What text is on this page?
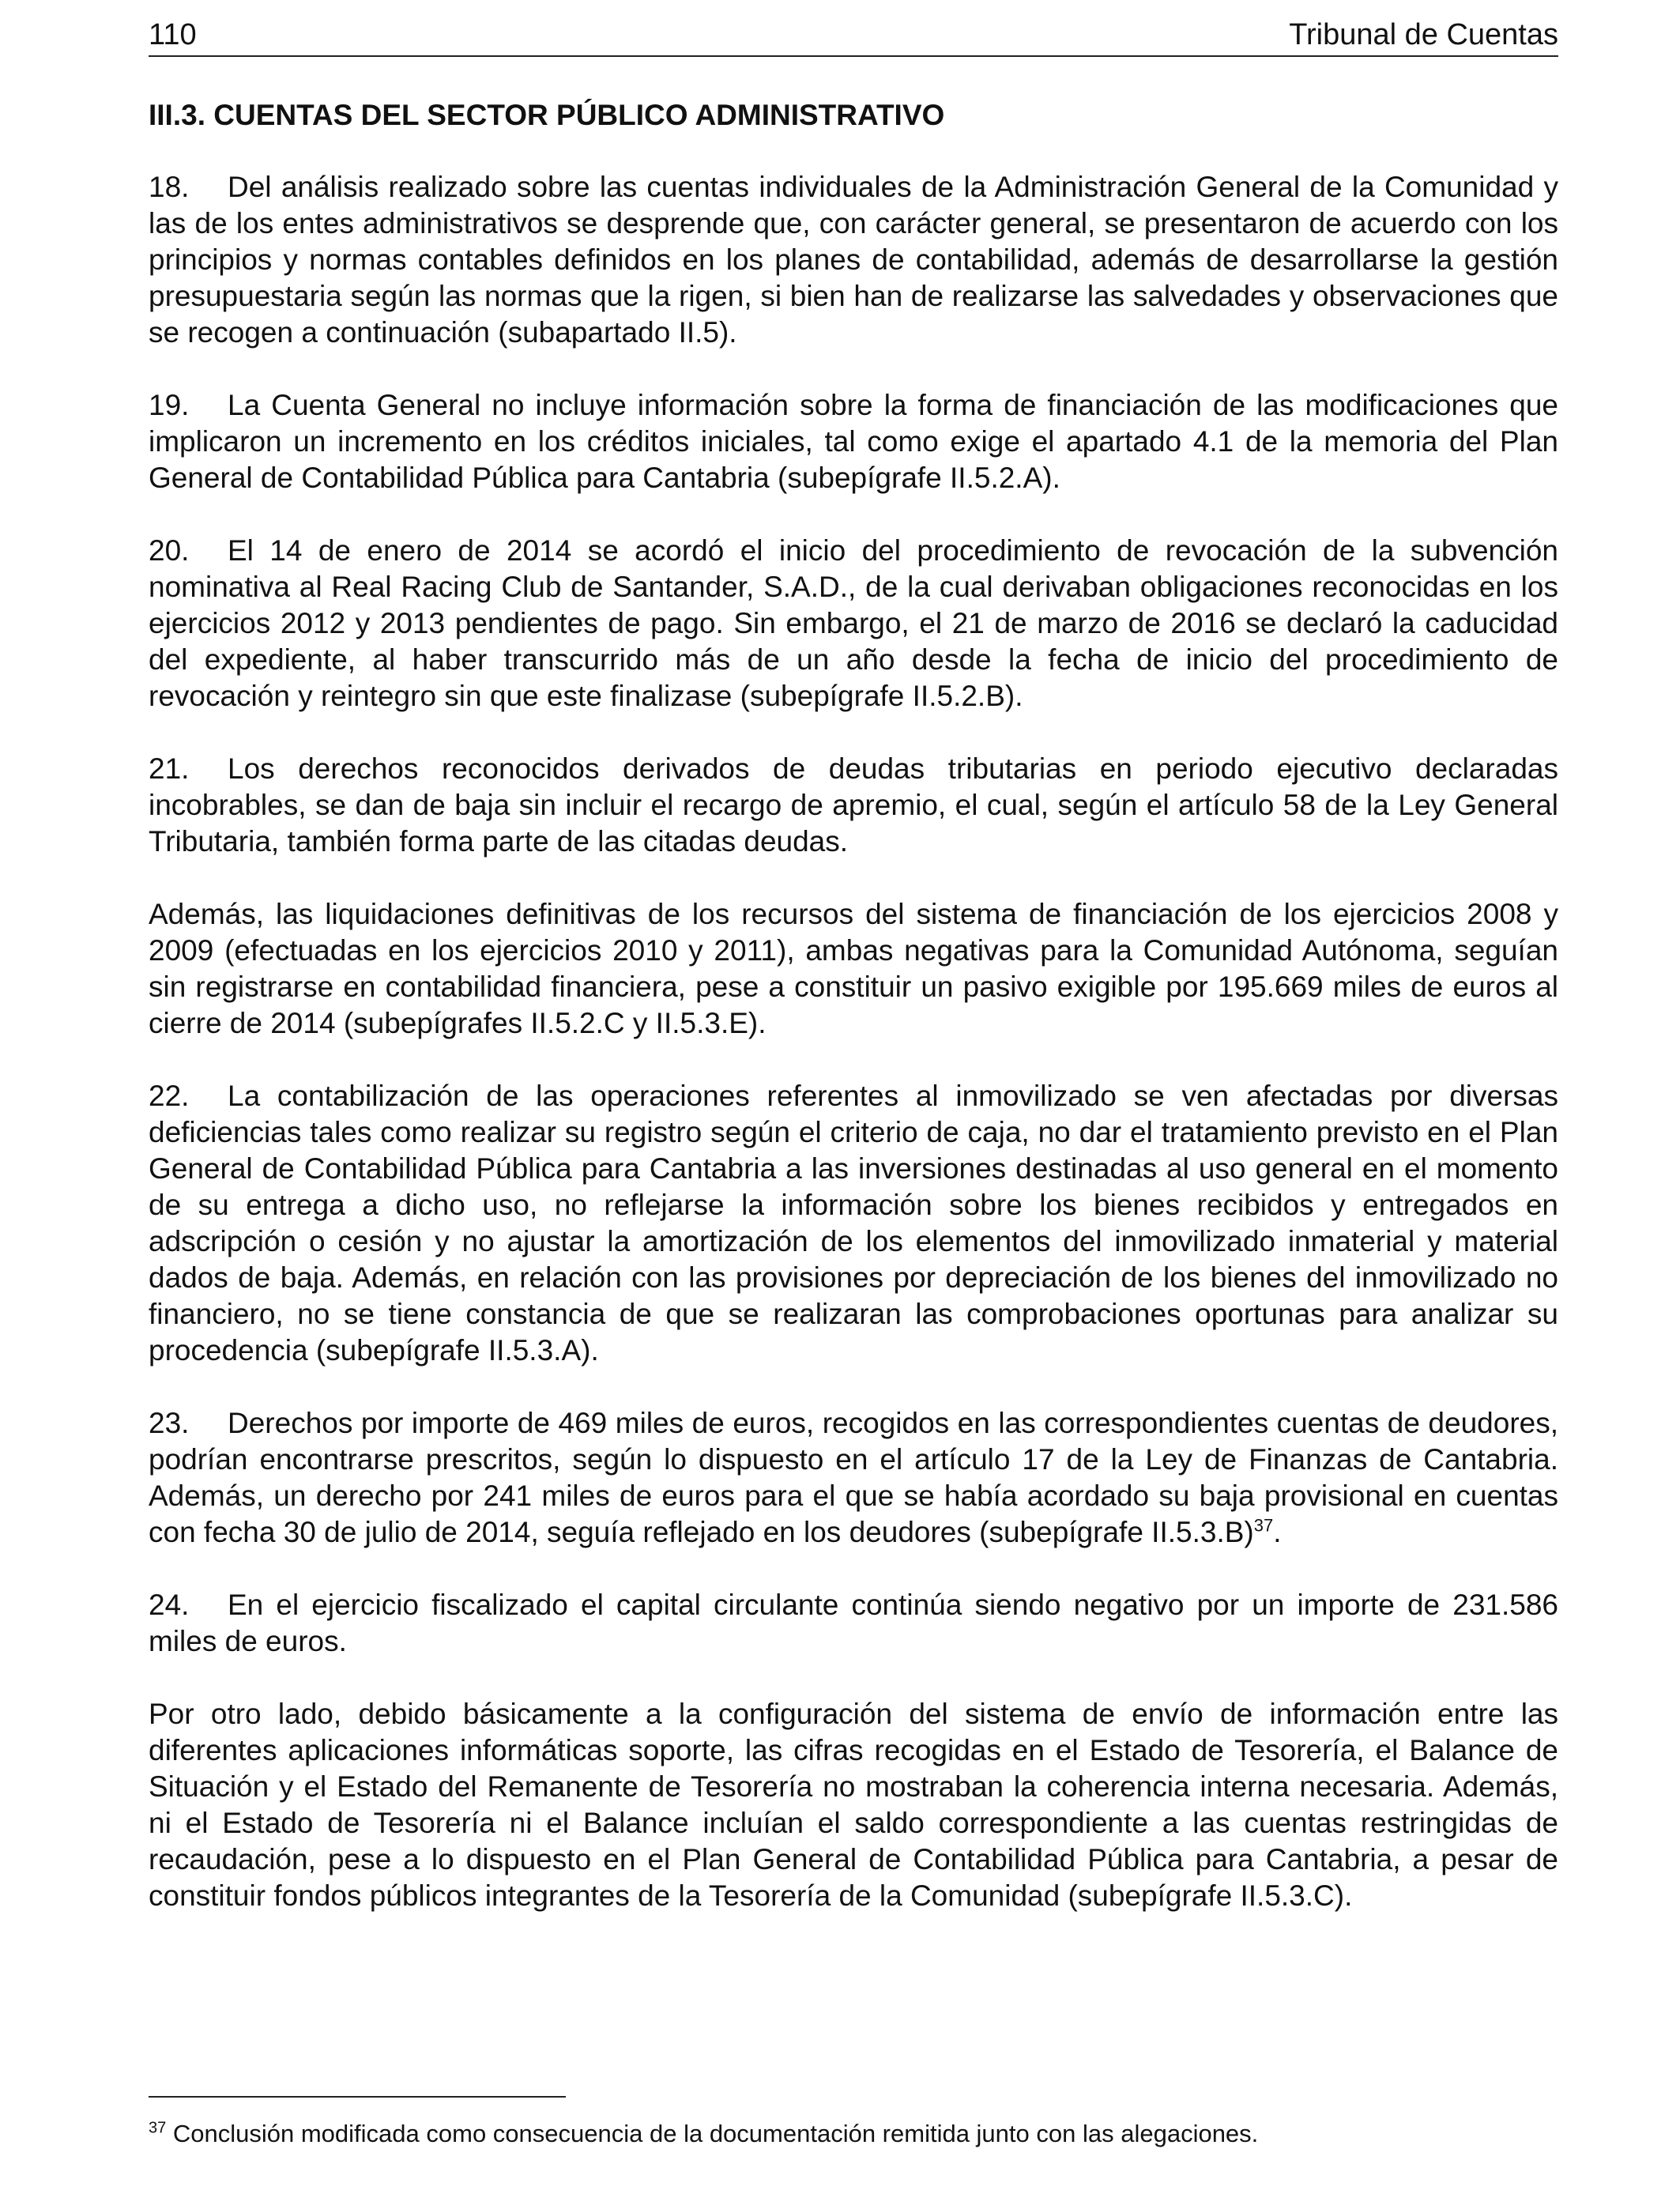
110	Tribunal de Cuentas
III.3. CUENTAS DEL SECTOR PÚBLICO ADMINISTRATIVO

18. Del análisis realizado sobre las cuentas individuales de la Administración General de la Comunidad y las de los entes administrativos se desprende que, con carácter general, se presentaron de acuerdo con los principios y normas contables definidos en los planes de contabilidad, además de desarrollarse la gestión presupuestaria según las normas que la rigen, si bien han de realizarse las salvedades y observaciones que se recogen a continuación (subapartado II.5).

19. La Cuenta General no incluye información sobre la forma de financiación de las modificaciones que implicaron un incremento en los créditos iniciales, tal como exige el apartado 4.1 de la memoria del Plan General de Contabilidad Pública para Cantabria (subepígrafe II.5.2.A).

20. El 14 de enero de 2014 se acordó el inicio del procedimiento de revocación de la subvención nominativa al Real Racing Club de Santander, S.A.D., de la cual derivaban obligaciones reconocidas en los ejercicios 2012 y 2013 pendientes de pago. Sin embargo, el 21 de marzo de 2016 se declaró la caducidad del expediente, al haber transcurrido más de un año desde la fecha de inicio del procedimiento de revocación y reintegro sin que este finalizase (subepígrafe II.5.2.B).

21. Los derechos reconocidos derivados de deudas tributarias en periodo ejecutivo declaradas incobrables, se dan de baja sin incluir el recargo de apremio, el cual, según el artículo 58 de la Ley General Tributaria, también forma parte de las citadas deudas.

Además, las liquidaciones definitivas de los recursos del sistema de financiación de los ejercicios 2008 y 2009 (efectuadas en los ejercicios 2010 y 2011), ambas negativas para la Comunidad Autónoma, seguían sin registrarse en contabilidad financiera, pese a constituir un pasivo exigible por 195.669 miles de euros al cierre de 2014 (subepígrafes II.5.2.C y II.5.3.E).

22. La contabilización de las operaciones referentes al inmovilizado se ven afectadas por diversas deficiencias tales como realizar su registro según el criterio de caja, no dar el tratamiento previsto en el Plan General de Contabilidad Pública para Cantabria a las inversiones destinadas al uso general en el momento de su entrega a dicho uso, no reflejarse la información sobre los bienes recibidos y entregados en adscripción o cesión y no ajustar la amortización de los elementos del inmovilizado inmaterial y material dados de baja. Además, en relación con las provisiones por depreciación de los bienes del inmovilizado no financiero, no se tiene constancia de que se realizaran las comprobaciones oportunas para analizar su procedencia (subepígrafe II.5.3.A).

23. Derechos por importe de 469 miles de euros, recogidos en las correspondientes cuentas de deudores, podrían encontrarse prescritos, según lo dispuesto en el artículo 17 de la Ley de Finanzas de Cantabria. Además, un derecho por 241 miles de euros para el que se había acordado su baja provisional en cuentas con fecha 30 de julio de 2014, seguía reflejado en los deudores (subepígrafe II.5.3.B)$^{37}$.

24. En el ejercicio fiscalizado el capital circulante continúa siendo negativo por un importe de 231.586 miles de euros.

Por otro lado, debido básicamente a la configuración del sistema de envío de información entre las diferentes aplicaciones informáticas soporte, las cifras recogidas en el Estado de Tesorería, el Balance de Situación y el Estado del Remanente de Tesorería no mostraban la coherencia interna necesaria. Además, ni el Estado de Tesorería ni el Balance incluían el saldo correspondiente a las cuentas restringidas de recaudación, pese a lo dispuesto en el Plan General de Contabilidad Pública para Cantabria, a pesar de constituir fondos públicos integrantes de la Tesorería de la Comunidad (subepígrafe II.5.3.C).

$^{37}$ Conclusión modificada como consecuencia de la documentación remitida junto con las alegaciones.
